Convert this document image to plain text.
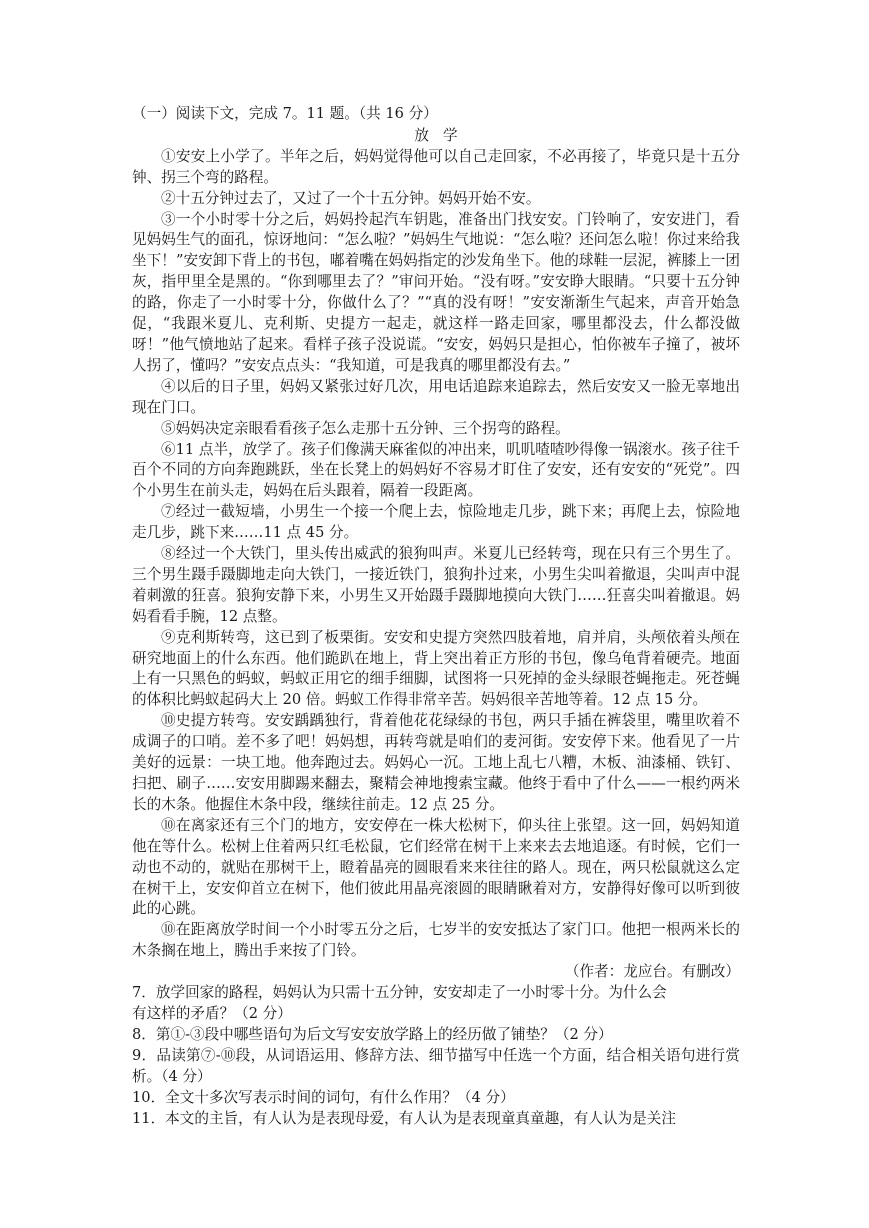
（一）阅读下文，完成 7。11 题。（共 16 分）

放学

①安安上小学了。半年之后，妈妈觉得他可以自己走回家，不必再接了，毕竟只是十五分钟、拐三个弯的路程。

②十五分钟过去了，又过了一个十五分钟。妈妈开始不安。

③一个小时零十分之后，妈妈拎起汽车钥匙，准备出门找安安。门铃响了，安安进门，看见妈妈生气的面孔，惊讶地问：“怎么啦？”妈妈生气地说：“怎么啦？还问怎么啦！你过来给我坐下！”安安卸下背上的书包，嘟着嘴在妈妈指定的沙发角坐下。他的球鞋一层泥，裤膝上一团灰，指甲里全是黑的。“你到哪里去了？”审问开始。“没有呀。”安安睁大眼睛。“只要十五分钟的路，你走了一小时零十分，你做什么了？”“真的没有呀！”安安渐渐生气起来，声音开始急促，“我跟米夏儿、克利斯、史提方一起走，就这样一路走回家，哪里都没去，什么都没做呀！”他气愤地站了起来。看样子孩子没说谎。“安安，妈妈只是担心，怕你被车子撞了，被坏人拐了，懂吗？”安安点点头：“我知道，可是我真的哪里都没有去。”

④以后的日子里，妈妈又紧张过好几次，用电话追踪来追踪去，然后安安又一脸无辜地出现在门口。

⑤妈妈决定亲眼看看孩子怎么走那十五分钟、三个拐弯的路程。

⑥11 点半，放学了。孩子们像满天麻雀似的冲出来，叽叽喳喳吵得像一锅滚水。孩子往千百个不同的方向奔跑跳跃，坐在长凳上的妈妈好不容易才盯住了安安，还有安安的“死党”。四个小男生在前头走，妈妈在后头跟着，隔着一段距离。

⑦经过一截短墙，小男生一个接一个爬上去，惊险地走几步，跳下来；再爬上去，惊险地走几步，跳下来……11 点 45 分。

⑧经过一个大铁门，里头传出威武的狼狗叫声。米夏儿已经转弯，现在只有三个男生了。三个男生蹑手蹑脚地走向大铁门，一接近铁门，狼狗扑过来，小男生尖叫着撤退，尖叫声中混着刺激的狂喜。狼狗安静下来，小男生又开始蹑手蹑脚地摸向大铁门……狂喜尖叫着撤退。妈妈看看手腕，12 点整。

⑨克利斯转弯，这已到了板栗街。安安和史提方突然四肢着地，肩并肩，头颅依着头颅在研究地面上的什么东西。他们跪趴在地上，背上突出着正方形的书包，像乌龟背着硬壳。地面上有一只黑色的蚂蚁，蚂蚁正用它的细手细脚，试图将一只死掉的金头绿眼苍蝇拖走。死苍蝇的体积比蚂蚁起码大上 20 倍。蚂蚁工作得非常辛苦。妈妈很辛苦地等着。12 点 15 分。

⑩史提方转弯。安安踽踽独行，背着他花花绿绿的书包，两只手插在裤袋里，嘴里吹着不成调子的口哨。差不多了吧！妈妈想，再转弯就是咱们的麦河街。安安停下来。他看见了一片美好的远景：一块工地。他奔跑过去。妈妈心一沉。工地上乱七八糟，木板、油漆桶、铁钉、扫把、刷子……安安用脚踢来翻去，聚精会神地搜索宝藏。他终于看中了什么——一根约两米长的木条。他握住木条中段，继续往前走。12 点 25 分。

⑩在离家还有三个门的地方，安安停在一株大松树下，仰头往上张望。这一回，妈妈知道他在等什么。松树上住着两只红毛松鼠，它们经常在树干上来来去去地追逐。有时候，它们一动也不动的，就贴在那树干上，瞪着晶亮的圆眼看来来往往的路人。现在，两只松鼠就这么定在树干上，安安仰首立在树下，他们彼此用晶亮滚圆的眼睛瞅着对方，安静得好像可以听到彼此的心跳。

⑩在距离放学时间一个小时零五分之后，七岁半的安安抵达了家门口。他把一根两米长的木条搁在地上，腾出手来按了门铃。

（作者：龙应台。有删改）

7．放学回家的路程，妈妈认为只需十五分钟，安安却走了一小时零十分。为什么会
有这样的矛盾？（2 分）

8．第①-③段中哪些语句为后文写安安放学路上的经历做了铺垫？（2 分）

9．品读第⑦-⑩段，从词语运用、修辞方法、细节描写中任选一个方面，结合相关语句进行赏析。（4 分）

10．全文十多次写表示时间的词句，有什么作用？（4 分）

11．本文的主旨，有人认为是表现母爱，有人认为是表现童真童趣，有人认为是关注
